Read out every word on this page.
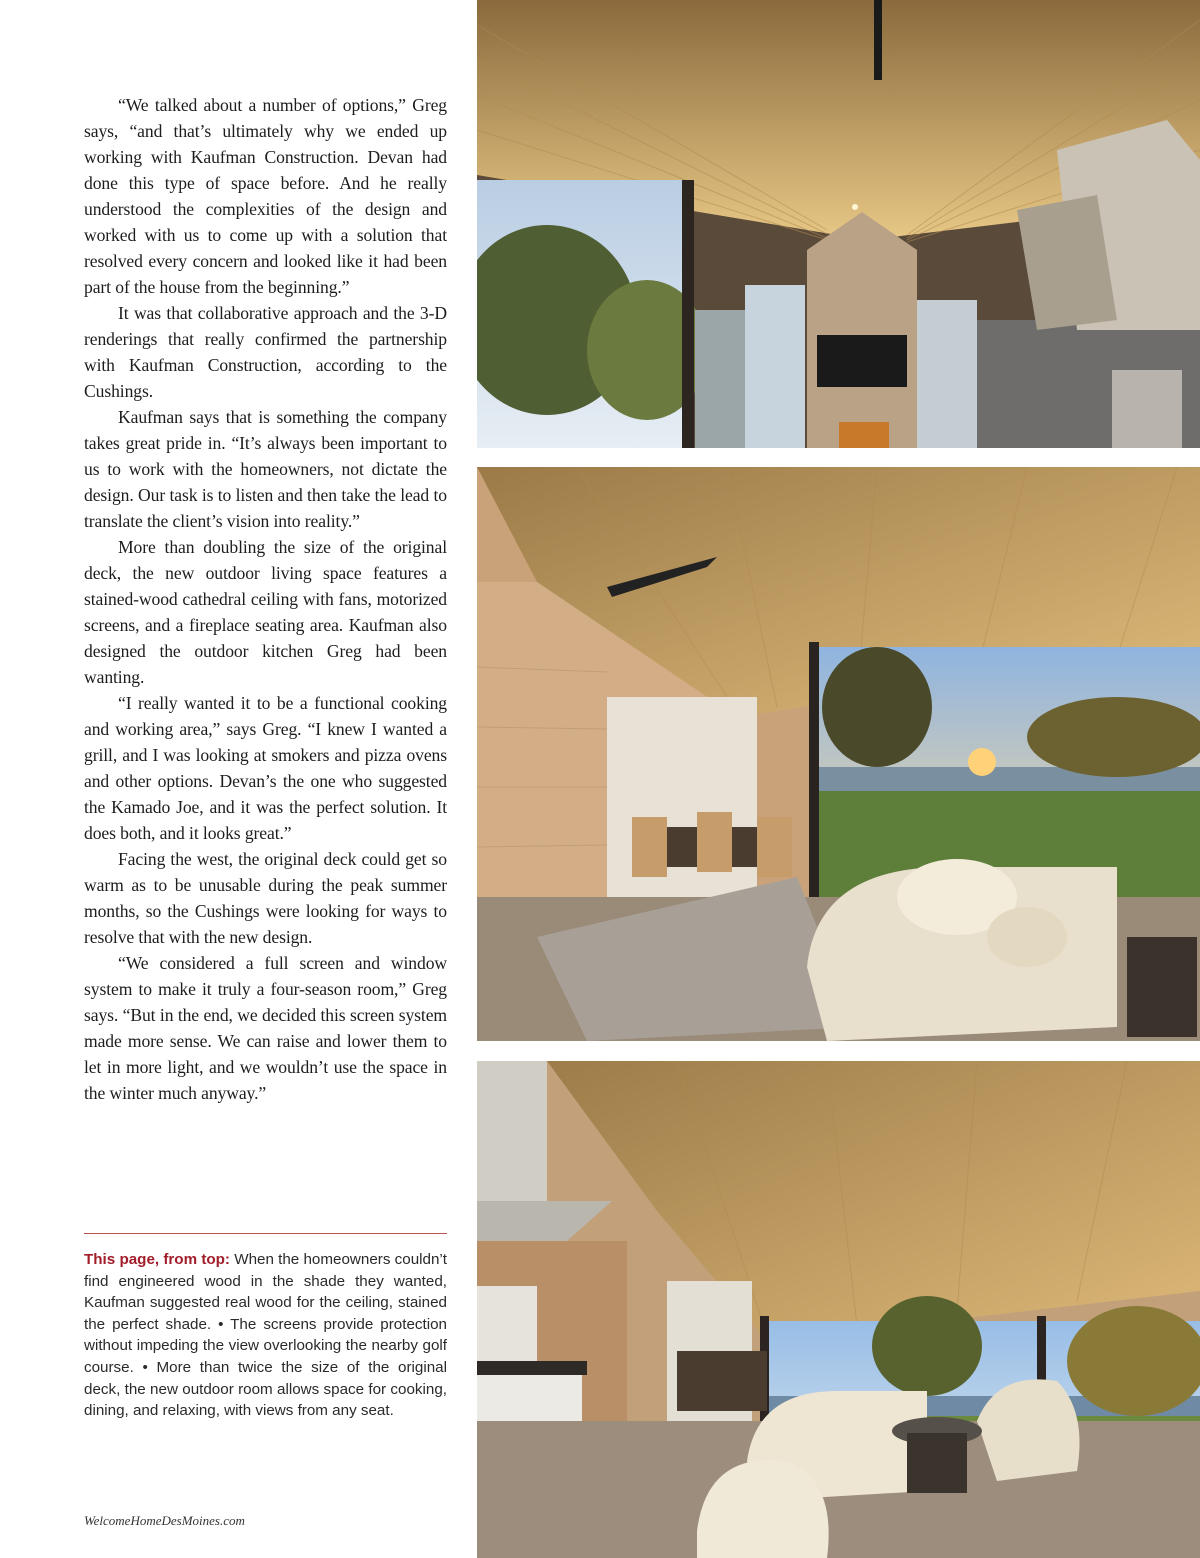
“We talked about a number of options,” Greg says, “and that’s ultimately why we ended up working with Kaufman Construction. Devan had done this type of space before. And he really understood the complexities of the design and worked with us to come up with a solution that resolved every concern and looked like it had been part of the house from the beginning.”

It was that collaborative approach and the 3-D renderings that really confirmed the partnership with Kaufman Construction, according to the Cushings.

Kaufman says that is something the company takes great pride in. “It’s always been important to us to work with the homeowners, not dictate the design. Our task is to listen and then take the lead to translate the client’s vision into reality.”

More than doubling the size of the original deck, the new outdoor living space features a stained-wood cathedral ceiling with fans, motorized screens, and a fireplace seating area. Kaufman also designed the outdoor kitchen Greg had been wanting.

“I really wanted it to be a functional cooking and working area,” says Greg. “I knew I wanted a grill, and I was looking at smokers and pizza ovens and other options. Devan’s the one who suggested the Kamado Joe, and it was the perfect solution. It does both, and it looks great.”

Facing the west, the original deck could get so warm as to be unusable during the peak summer months, so the Cushings were looking for ways to resolve that with the new design.

“We considered a full screen and window system to make it truly a four-season room,” Greg says. “But in the end, we decided this screen system made more sense. We can raise and lower them to let in more light, and we wouldn’t use the space in the winter much anyway.”

This page, from top: When the homeowners couldn’t find engineered wood in the shade they wanted, Kaufman suggested real wood for the ceiling, stained the perfect shade. • The screens provide protection without impeding the view overlooking the nearby golf course. • More than twice the size of the original deck, the new outdoor room allows space for cooking, dining, and relaxing, with views from any seat.

WelcomeHomeDesMoines.com
